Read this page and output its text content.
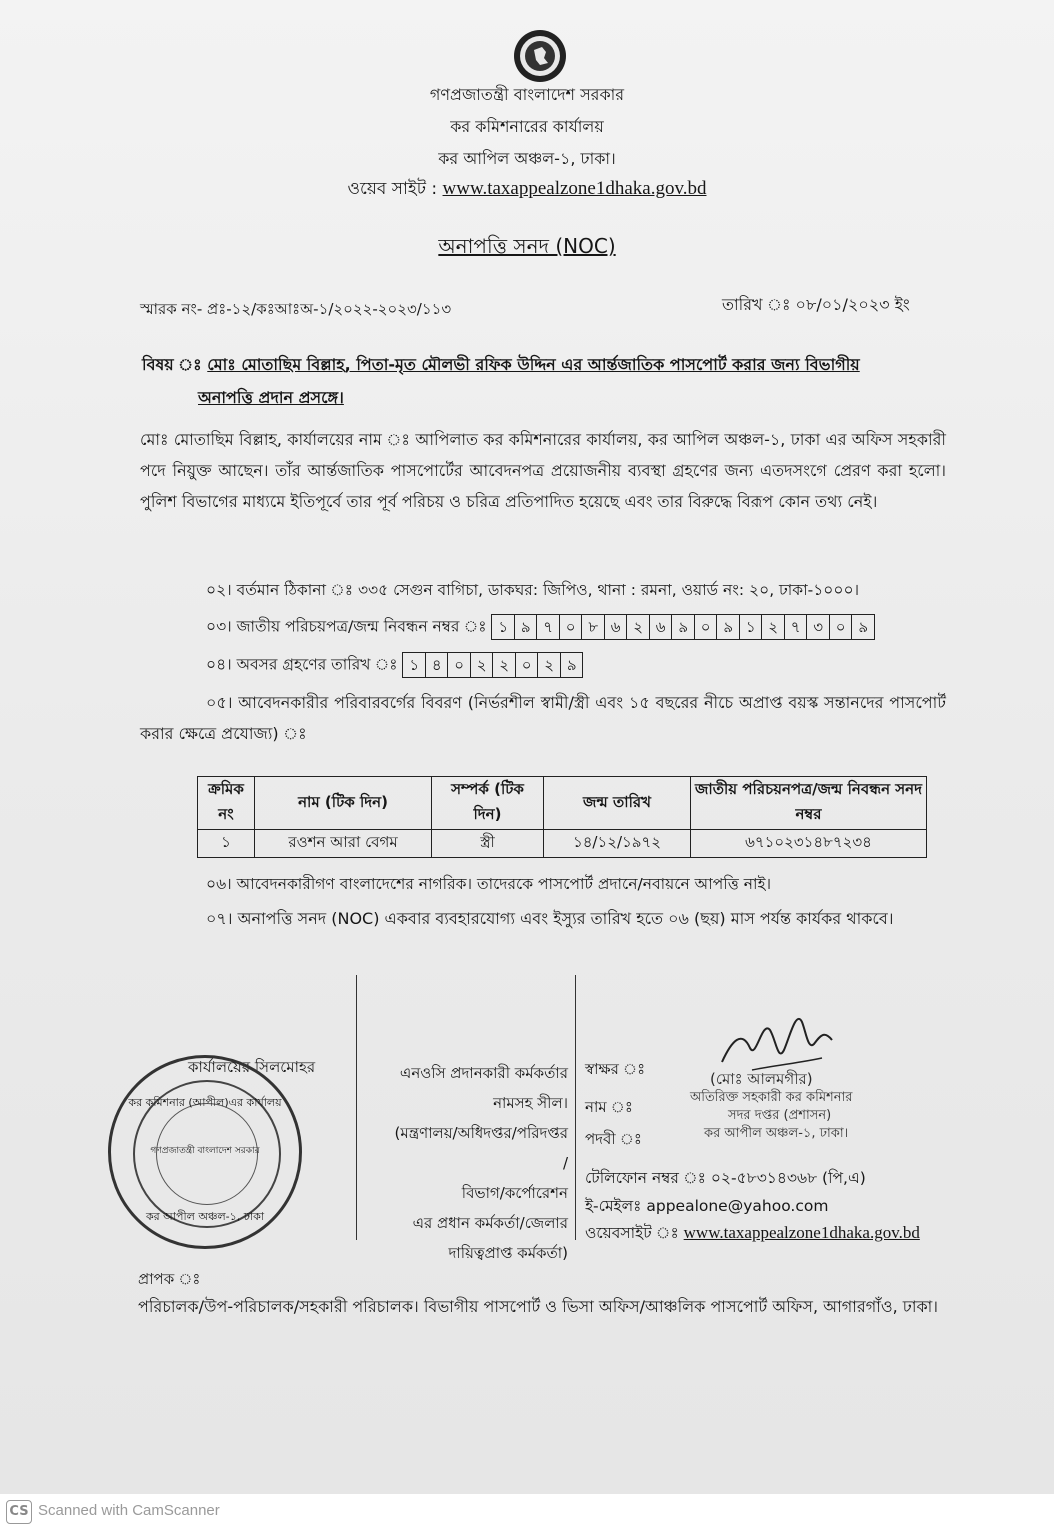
গণপ্রজাতন্ত্রী বাংলাদেশ সরকার
কর কমিশনারের কার্যালয়
কর আপিল অঞ্চল-১, ঢাকা।
ওয়েব সাইট : www.taxappealzone1dhaka.gov.bd
অনাপত্তি সনদ (NOC)
স্মারক নং- প্রঃ-১২/কঃআঃঅ-১/২০২২-২০২৩/১১৩	তারিখ ঃ ০৮/০১/২০২৩ ইং
বিষয় ঃ মোঃ মোতাছিম বিল্লাহ, পিতা-মৃত মৌলভী রফিক উদ্দিন এর আর্ন্তজাতিক পাসপোর্ট করার জন্য বিভাগীয়
অনাপত্তি প্রদান প্রসঙ্গে।
মোঃ মোতাছিম বিল্লাহ, কার্যালয়ের নাম ঃ আপিলাত কর কমিশনারের কার্যালয়, কর আপিল অঞ্চল-১, ঢাকা এর অফিস সহকারী পদে নিয়ুক্ত আছেন। তাঁর আর্ন্তজাতিক পাসপোর্টের আবেদনপত্র প্রয়োজনীয় ব্যবস্থা গ্রহণের জন্য এতদসংগে প্রেরণ করা হলো। পুলিশ বিভাগের মাধ্যমে ইতিপূর্বে তার পূর্ব পরিচয় ও চরিত্র প্রতিপাদিত হয়েছে এবং তার বিরুদ্ধে বিরূপ কোন তথ্য নেই।
০২। বর্তমান ঠিকানা ঃ ৩৩৫ সেগুন বাগিচা, ডাকঘর: জিপিও, থানা : রমনা, ওয়ার্ড নং: ২০, ঢাকা-১০০০।
০৩। জাতীয় পরিচয়পত্র/জন্ম নিবন্ধন নম্বর ঃ ১ ৯ ৭ ০ ৮ ৬ ২ ৬ ৯ ০ ৯ ১ ২ ৭ ৩ ০ ৯
০৪। অবসর গ্রহণের তারিখ ঃ ১ ৪ ০ ২ ২ ০ ২ ৯
০৫। আবেদনকারীর পরিবারবর্গের বিবরণ (নির্ভরশীল স্বামী/স্ত্রী এবং ১৫ বছরের নীচে অপ্রাপ্ত বয়স্ক সন্তানদের পাসপোর্ট করার ক্ষেত্রে প্রযোজ্য) ঃ
ক্রমিক নং	নাম (টিক দিন)	সম্পর্ক (টিক দিন)	জন্ম তারিখ	জাতীয় পরিচয়নপত্র/জন্ম নিবন্ধন সনদ নম্বর
১	রওশন আরা বেগম	স্ত্রী	১৪/১২/১৯৭২	৬৭১০২৩১৪৮৭২৩৪
০৬। আবেদনকারীগণ বাংলাদেশের নাগরিক। তাদেরকে পাসপোর্ট প্রদানে/নবায়নে আপত্তি নাই।
০৭। অনাপত্তি সনদ (NOC) একবার ব্যবহারযোগ্য এবং ইস্যুর তারিখ হতে ০৬ (ছয়) মাস পর্যন্ত কার্যকর থাকবে।
কার্যালয়ের সিলমোহর
কর কমিশনার (আপীল)এর কার্যালয়
গণপ্রজাতন্ত্রী বাংলাদেশ সরকার
কর আপীল অঞ্চল-১, ঢাকা
এনওসি প্রদানকারী কর্মকর্তার
নামসহ সীল।
(মন্ত্রণালয়/অধিদপ্তর/পরিদপ্তর
/
বিভাগ/কর্পোরেশন
এর প্রধান কর্মকর্তা/জেলার
দায়িত্বপ্রাপ্ত কর্মকর্তা)
স্বাক্ষর ঃ
নাম ঃ
পদবী ঃ
(মোঃ আলমগীর)
অতিরিক্ত সহকারী কর কমিশনার
সদর দপ্তর (প্রশাসন)
কর আপীল অঞ্চল-১, ঢাকা।
টেলিফোন নম্বর ঃ ০২-৫৮৩১৪৩৬৮ (পি,এ)
ই-মেইলঃ appealone@yahoo.com
ওয়েবসাইট ঃ www.taxappealzone1dhaka.gov.bd
প্রাপক ঃ
পরিচালক/উপ-পরিচালক/সহকারী পরিচালক। বিভাগীয় পাসপোর্ট ও ভিসা অফিস/আঞ্চলিক পাসপোর্ট অফিস, আগারগাঁও, ঢাকা।
CS Scanned with CamScanner
